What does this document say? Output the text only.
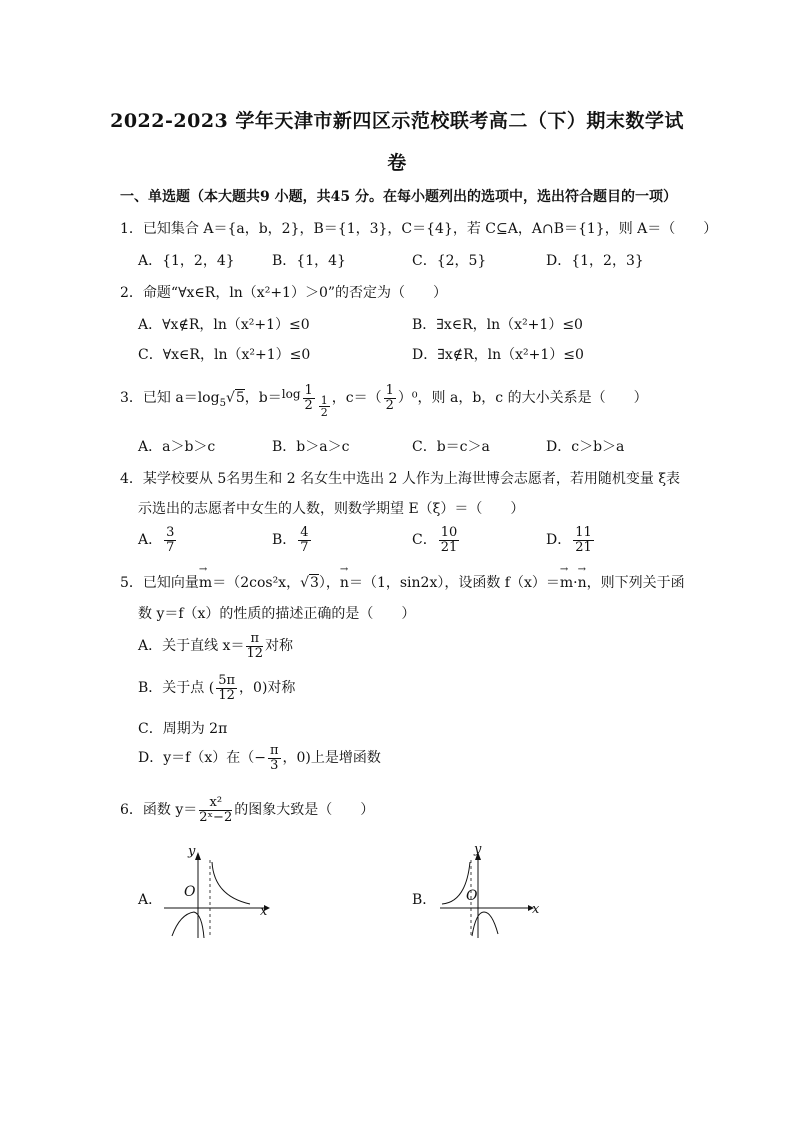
2022-2023 学年天津市新四区示范校联考高二（下）期末数学试
卷
一、单选题（本大题共9 小题，共45 分。在每小题列出的选项中，选出符合题目的一项）
1．已知集合 A＝{a，b，2}，B＝{1，3}，C＝{4}，若 C⊆A，A∩B＝{1}，则 A＝（　　）
A．{1，2，4}	B．{1，4}	C．{2，5}	D．{1，2，3}
2．命题“∀x∈R，ln（x²+1）＞0”的否定为（　　）
A．∀x∉R，ln（x²+1）≤0	B．∃x∈R，ln（x²+1）≤0
C．∀x∈R，ln（x²+1）≤0	D．∃x∉R，ln（x²+1）≤0
3．已知 $a=\log_5√5$，$b=\log \frac{1}{2} \frac{1}{2}$ ，$c=( \frac{1}{2} )^0$，则 a，b，c 的大小关系是（　　）
A．a＞b＞c	B．b＞a＞c	C．b＝c＞a	D．c＞b＞a
4．某学校要从 5名男生和 2 名女生中选出 2 人作为上海世博会志愿者，若用随机变量 ξ表
示选出的志愿者中女生的人数，则数学期望 E（ξ）＝（　　）
A． $\frac{3}{7}$	B． $\frac{4}{7}$	C． $\frac{10}{21}$	D． $\frac{11}{21}$
5．已知向量
→
m＝（2cos²x，√3），
→
n＝（1，sin2x），设函数 f（x）＝
→
m·
→
n，则下列关于函
数 y＝f（x）的性质的描述正确的是（　　）
A．关于直线 $x= \frac{\pi}{12}$ 对称
B．关于点 ( $\frac{5\pi}{12}$ ，0)对称
C．周期为 2π
D．y＝f（x）在（− $\frac{\pi}{3}$ ，0)上是增函数
6．函数 $y= \frac{\text{x²}}{\text{2ˣ−2}}$ 的图象大致是（　　）
A．
y
O
x
B．
y
O
x
